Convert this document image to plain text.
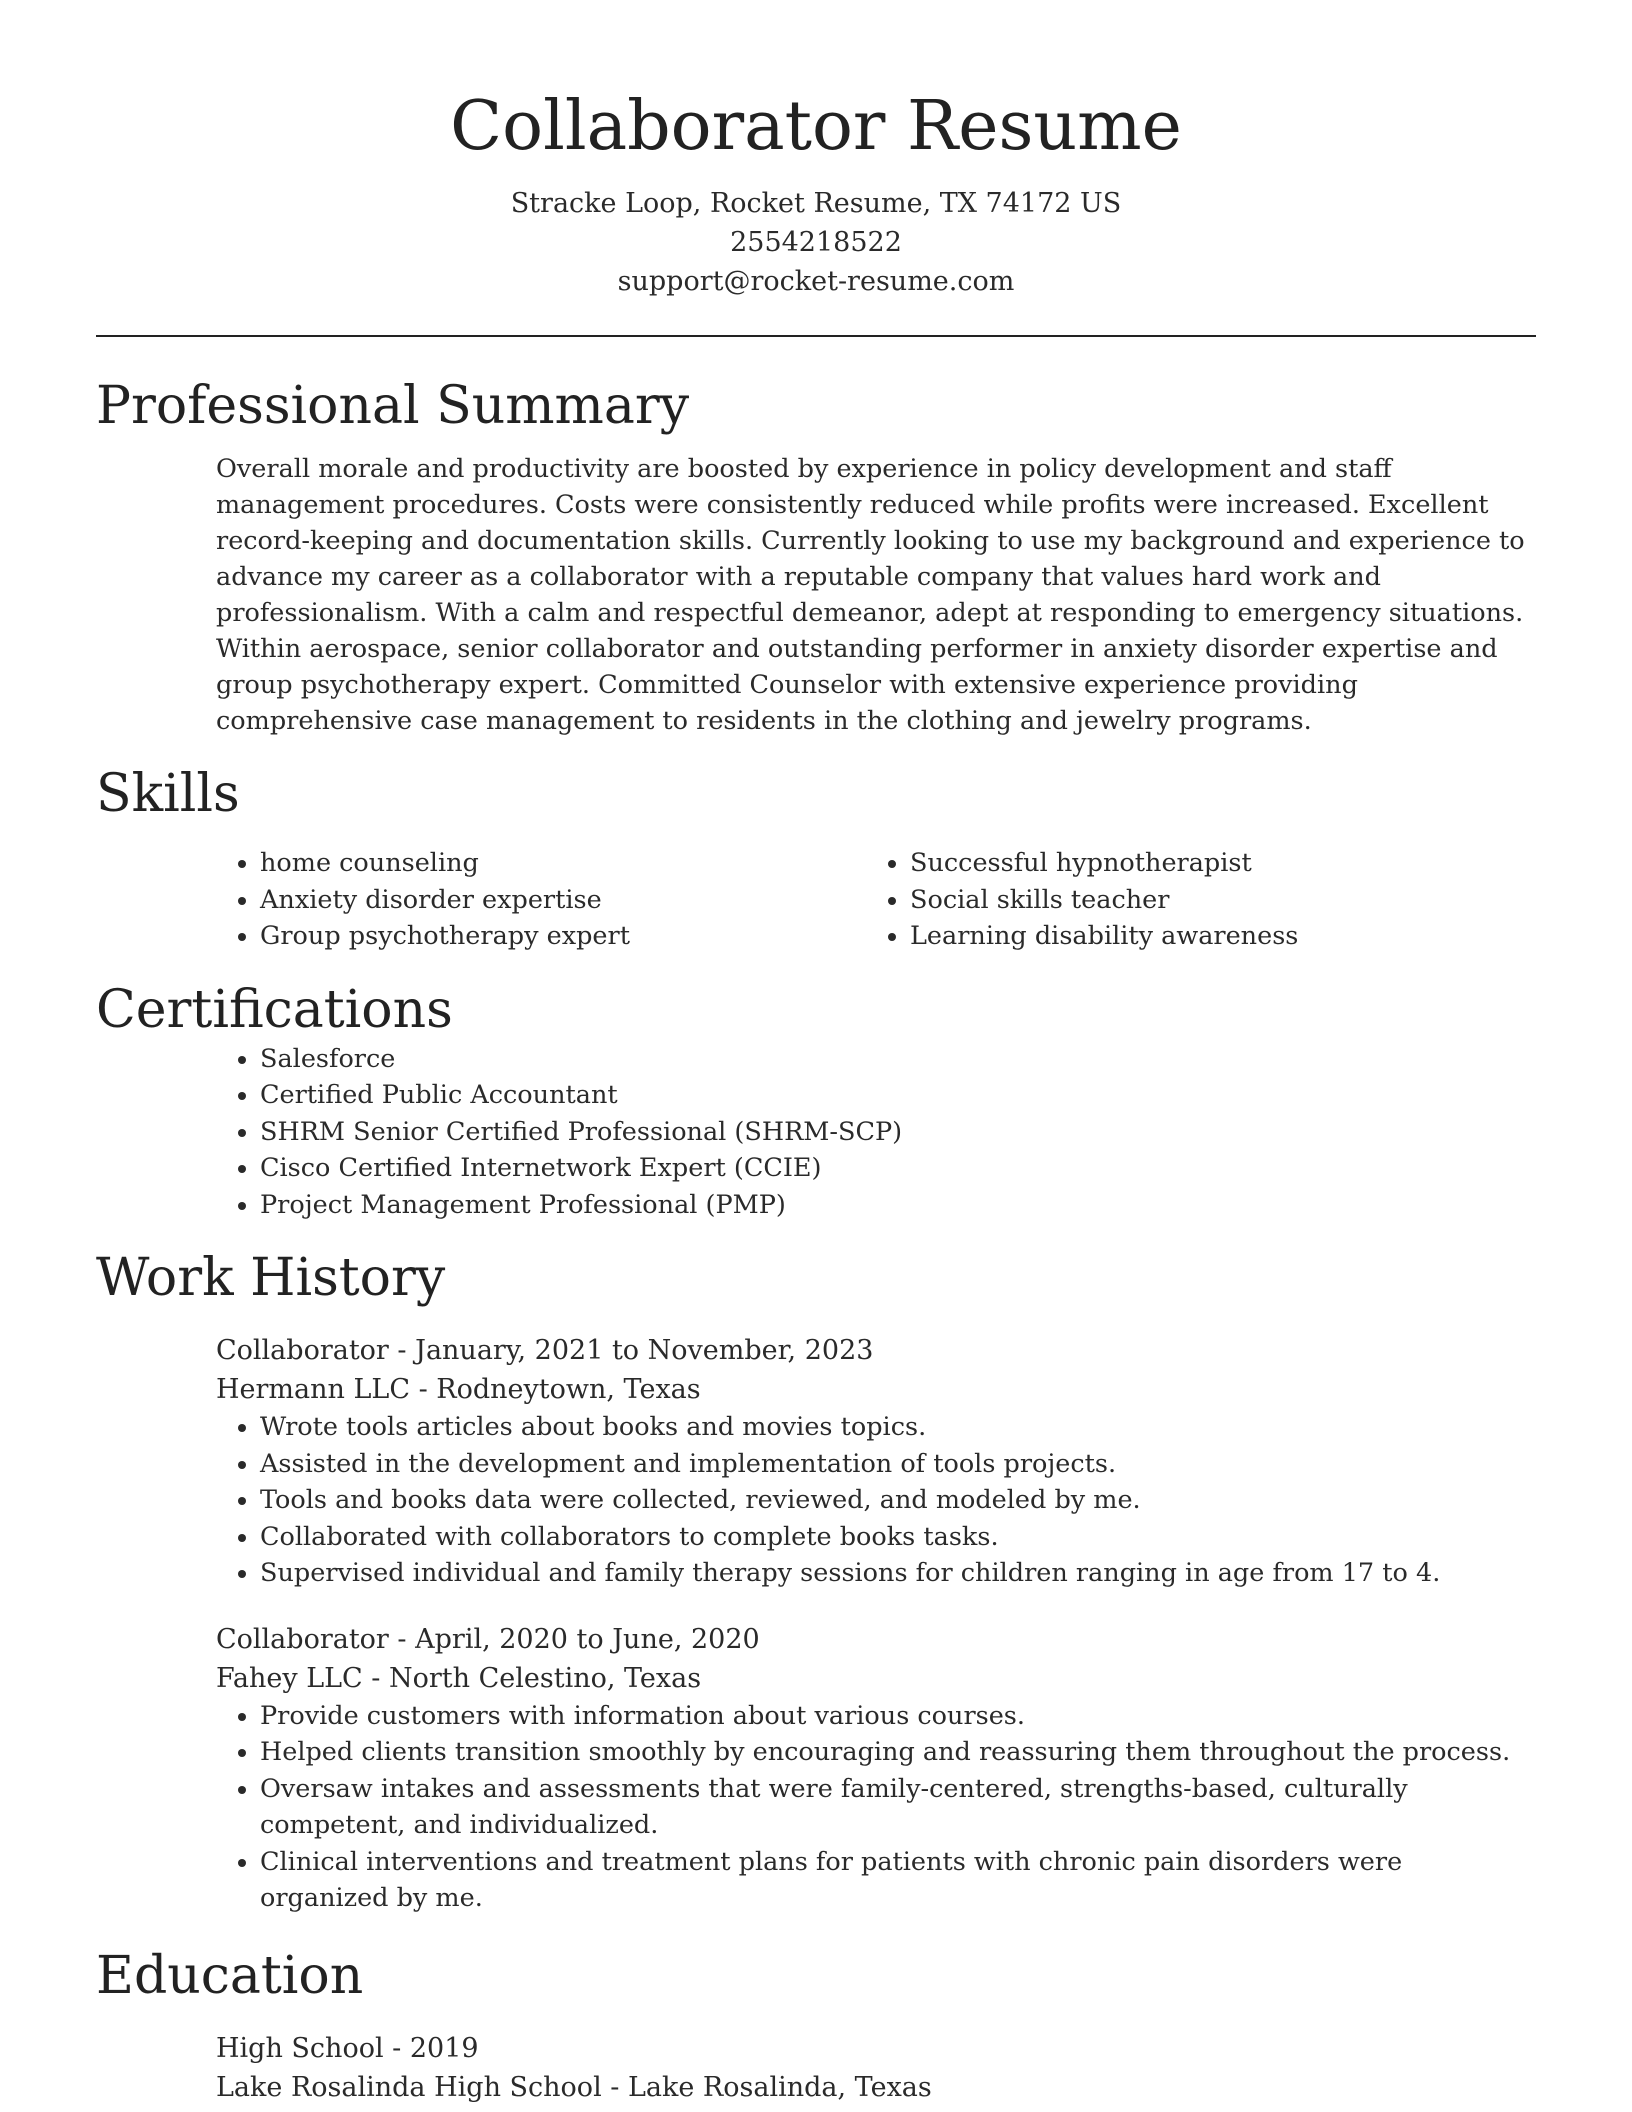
Collaborator Resume
Stracke Loop, Rocket Resume, TX 74172 US
2554218522
support@rocket-resume.com
Professional Summary

Overall morale and productivity are boosted by experience in policy development and staff management procedures. Costs were consistently reduced while profits were increased. Excellent record-keeping and documentation skills. Currently looking to use my background and experience to advance my career as a collaborator with a reputable company that values hard work and professionalism. With a calm and respectful demeanor, adept at responding to emergency situations. Within aerospace, senior collaborator and outstanding performer in anxiety disorder expertise and group psychotherapy expert. Committed Counselor with extensive experience providing comprehensive case management to residents in the clothing and jewelry programs.

Skills
• home counseling
• Anxiety disorder expertise
• Group psychotherapy expert
• Successful hypnotherapist
• Social skills teacher
• Learning disability awareness
Certifications
• Salesforce
• Certified Public Accountant
• SHRM Senior Certified Professional (SHRM-SCP)
• Cisco Certified Internetwork Expert (CCIE)
• Project Management Professional (PMP)
Work History
Collaborator - January, 2021 to November, 2023
Hermann LLC - Rodneytown, Texas
• Wrote tools articles about books and movies topics.
• Assisted in the development and implementation of tools projects.
• Tools and books data were collected, reviewed, and modeled by me.
• Collaborated with collaborators to complete books tasks.
• Supervised individual and family therapy sessions for children ranging in age from 17 to 4.
Collaborator - April, 2020 to June, 2020
Fahey LLC - North Celestino, Texas
• Provide customers with information about various courses.
• Helped clients transition smoothly by encouraging and reassuring them throughout the process.
• Oversaw intakes and assessments that were family-centered, strengths-based, culturally competent, and individualized.
• Clinical interventions and treatment plans for patients with chronic pain disorders were organized by me.
Education
High School - 2019
Lake Rosalinda High School - Lake Rosalinda, Texas
